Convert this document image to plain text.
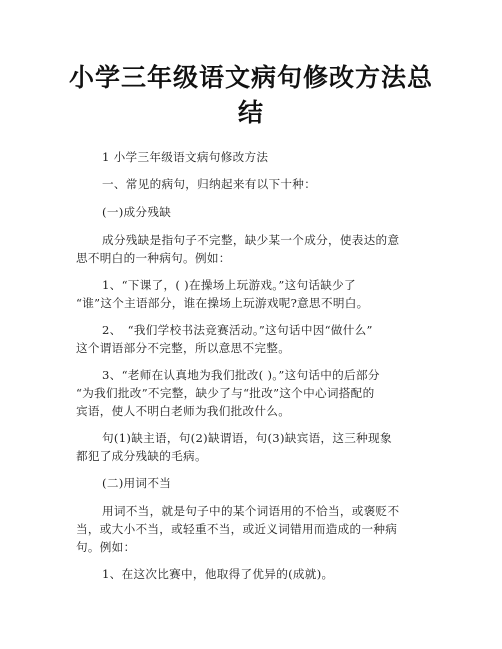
小学三年级语文病句修改方法总
结

1 小学三年级语文病句修改方法

一、常见的病句，归纳起来有以下十种：

(一)成分残缺

成分残缺是指句子不完整，缺少某一个成分，使表达的意

思不明白的一种病句。例如：

1、“下课了，( )在操场上玩游戏。”这句话缺少了

“谁”这个主语部分，谁在操场上玩游戏呢?意思不明白。

2、　“我们学校书法竞赛活动。”这句话中因“做什么”

这个谓语部分不完整，所以意思不完整。

3、“老师在认真地为我们批改( )。”这句话中的后部分

“为我们批改”不完整，缺少了与“批改”这个中心词搭配的

宾语，使人不明白老师为我们批改什么。

句(1)缺主语，句(2)缺谓语，句(3)缺宾语，这三种现象

都犯了成分残缺的毛病。

(二)用词不当

用词不当，就是句子中的某个词语用的不恰当，或褒贬不

当，或大小不当，或轻重不当，或近义词错用而造成的一种病

句。例如：

1、在这次比赛中，他取得了优异的(成就)。
